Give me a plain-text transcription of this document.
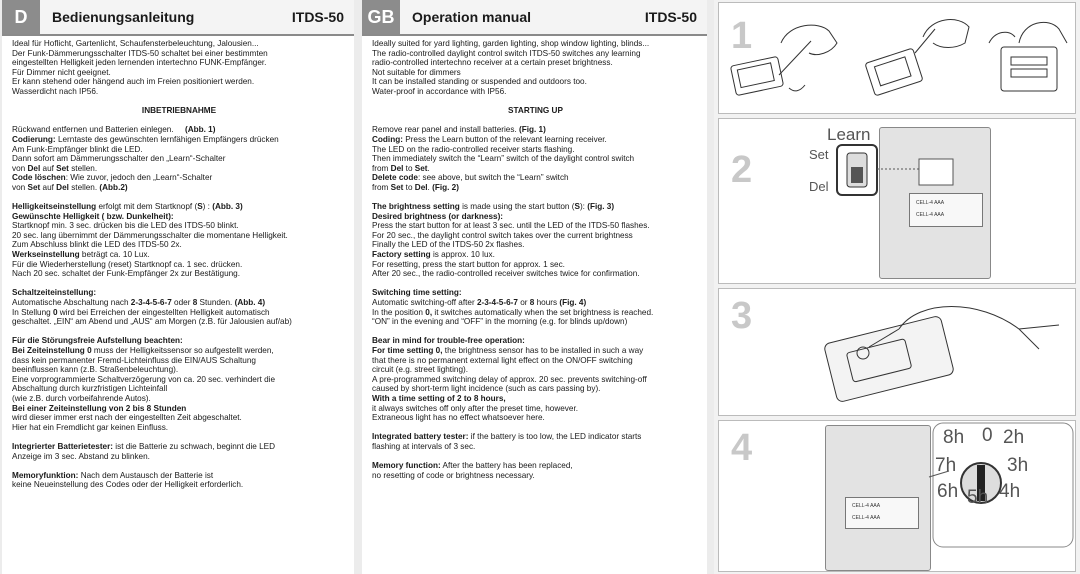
D	Bedienungsanleitung	ITDS-50

Ideal für Hoflicht, Gartenlicht, Schaufensterbeleuchtung, Jalousien...

Der Funk-Dämmerungsschalter ITDS-50 schaltet bei einer bestimmten

eingestellten Helligkeit jeden lernenden intertechno FUNK-Empfänger.

Für Dimmer nicht geeignet.

Er kann stehend oder hängend auch im Freien positioniert werden.

Wasserdicht nach IP56.

INBETRIEBNAHME

Rückwand entfernen und Batterien einlegen. (Abb. 1)

Codierung: Lerntaste des gewünschten lernfähigen Empfängers drücken

Am Funk-Empfänger blinkt die LED.

Dann sofort am Dämmerungsschalter den „Learn“-Schalter

von Del auf Set stellen.

Code löschen: Wie zuvor, jedoch den „Learn“-Schalter

von Set auf Del stellen. (Abb.2)

Helligkeitseinstellung erfolgt mit dem Startknopf (S) : (Abb. 3)

Gewünschte Helligkeit ( bzw. Dunkelheit):

Startknopf min. 3 sec. drücken bis die LED des ITDS-50 blinkt.

20 sec. lang übernimmt der Dämmerungsschalter die momentane Helligkeit.

Zum Abschluss blinkt die LED des ITDS-50 2x.

Werkseinstellung beträgt ca. 10 Lux.

Für die Wiederherstellung (reset) Startknopf ca. 1 sec. drücken.

Nach 20 sec. schaltet der Funk-Empfänger 2x zur Bestätigung.

Schaltzeiteinstellung:

Automatische Abschaltung nach 2-3-4-5-6-7 oder 8 Stunden. (Abb. 4)

In Stellung 0 wird bei Erreichen der eingestellten Helligkeit automatisch

geschaltet. „EIN“ am Abend und „AUS“ am Morgen (z.B. für Jalousien auf/ab)

Für die Störungsfreie Aufstellung beachten:

Bei Zeiteinstellung 0 muss der Helligkeitssensor so aufgestellt werden,

dass kein permanenter Fremd-Lichteinfluss die EIN/AUS Schaltung

beeinflussen kann (z.B. Straßenbeleuchtung).

Eine vorprogrammierte Schaltverzögerung von ca. 20 sec. verhindert die

Abschaltung durch kurzfristigen Lichteinfall

(wie z.B. durch vorbeifahrende Autos).

Bei einer Zeiteinstellung von 2 bis 8 Stunden

wird dieser immer erst nach der eingestellten Zeit abgeschaltet.

Hier hat ein Fremdlicht gar keinen Einfluss.

Integrierter Batterietester: ist die Batterie zu schwach, beginnt die LED

Anzeige im 3 sec. Abstand zu blinken.

Memoryfunktion: Nach dem Austausch der Batterie ist

keine Neueinstellung des Codes oder der Helligkeit erforderlich.

GB	Operation manual	ITDS-50

Ideally suited for yard lighting, garden lighting, shop window lighting, blinds...

The radio-controlled daylight control switch ITDS-50 switches any learning

radio-controlled intertechno receiver at a certain preset brightness.

Not suitable for dimmers

It can be installed standing or suspended and outdoors too.

Water-proof in accordance with IP56.

STARTING UP

Remove rear panel and install batteries. (Fig. 1)

Coding: Press the Learn button of the relevant learning receiver.

The LED on the radio-controlled receiver starts flashing.

Then immediately switch the “Learn” switch of the daylight control switch

from Del to Set.

Delete code: see above, but switch the “Learn” switch

from Set to Del. (Fig. 2)

The brightness setting is made using the start button (S): (Fig. 3)

Desired brightness (or darkness):

Press the start button for at least 3 sec. until the LED of the ITDS-50 flashes.

For 20 sec., the daylight control switch takes over the current brightness

Finally the LED of the ITDS-50 2x flashes.

Factory setting is approx. 10 lux.

For resetting, press the start button for approx. 1 sec.

After 20 sec., the radio-controlled receiver switches twice for confirmation.

Switching time setting:

Automatic switching-off after 2-3-4-5-6-7 or 8 hours (Fig. 4)

In the position 0, it switches automatically when the set brightness is reached.

“ON” in the evening and “OFF” in the morning (e.g. for blinds up/down)

Bear in mind for trouble-free operation:

For time setting 0, the brightness sensor has to be installed in such a way

that there is no permanent external light effect on the ON/OFF switching

circuit (e.g. street lighting).

A pre-programmed switching delay of approx. 20 sec. prevents switching-off

caused by short-term light incidence (such as cars passing by).

With a time setting of 2 to 8 hours,

it always switches off only after the preset time, however.

Extraneous light has no effect whatsoever here.

Integrated battery tester: if the battery is too low, the LED indicator starts

flashing at intervals of 3 sec.

Memory function: After the battery has been replaced,

no resetting of code or brightness necessary.

1
2
CELL-4 AAA
CELL-4 AAA
Learn
Set
Del
3
4
CELL-4 AAA
CELL-4 AAA
8h 0 2h
7h	3h
6h 5h 4h
